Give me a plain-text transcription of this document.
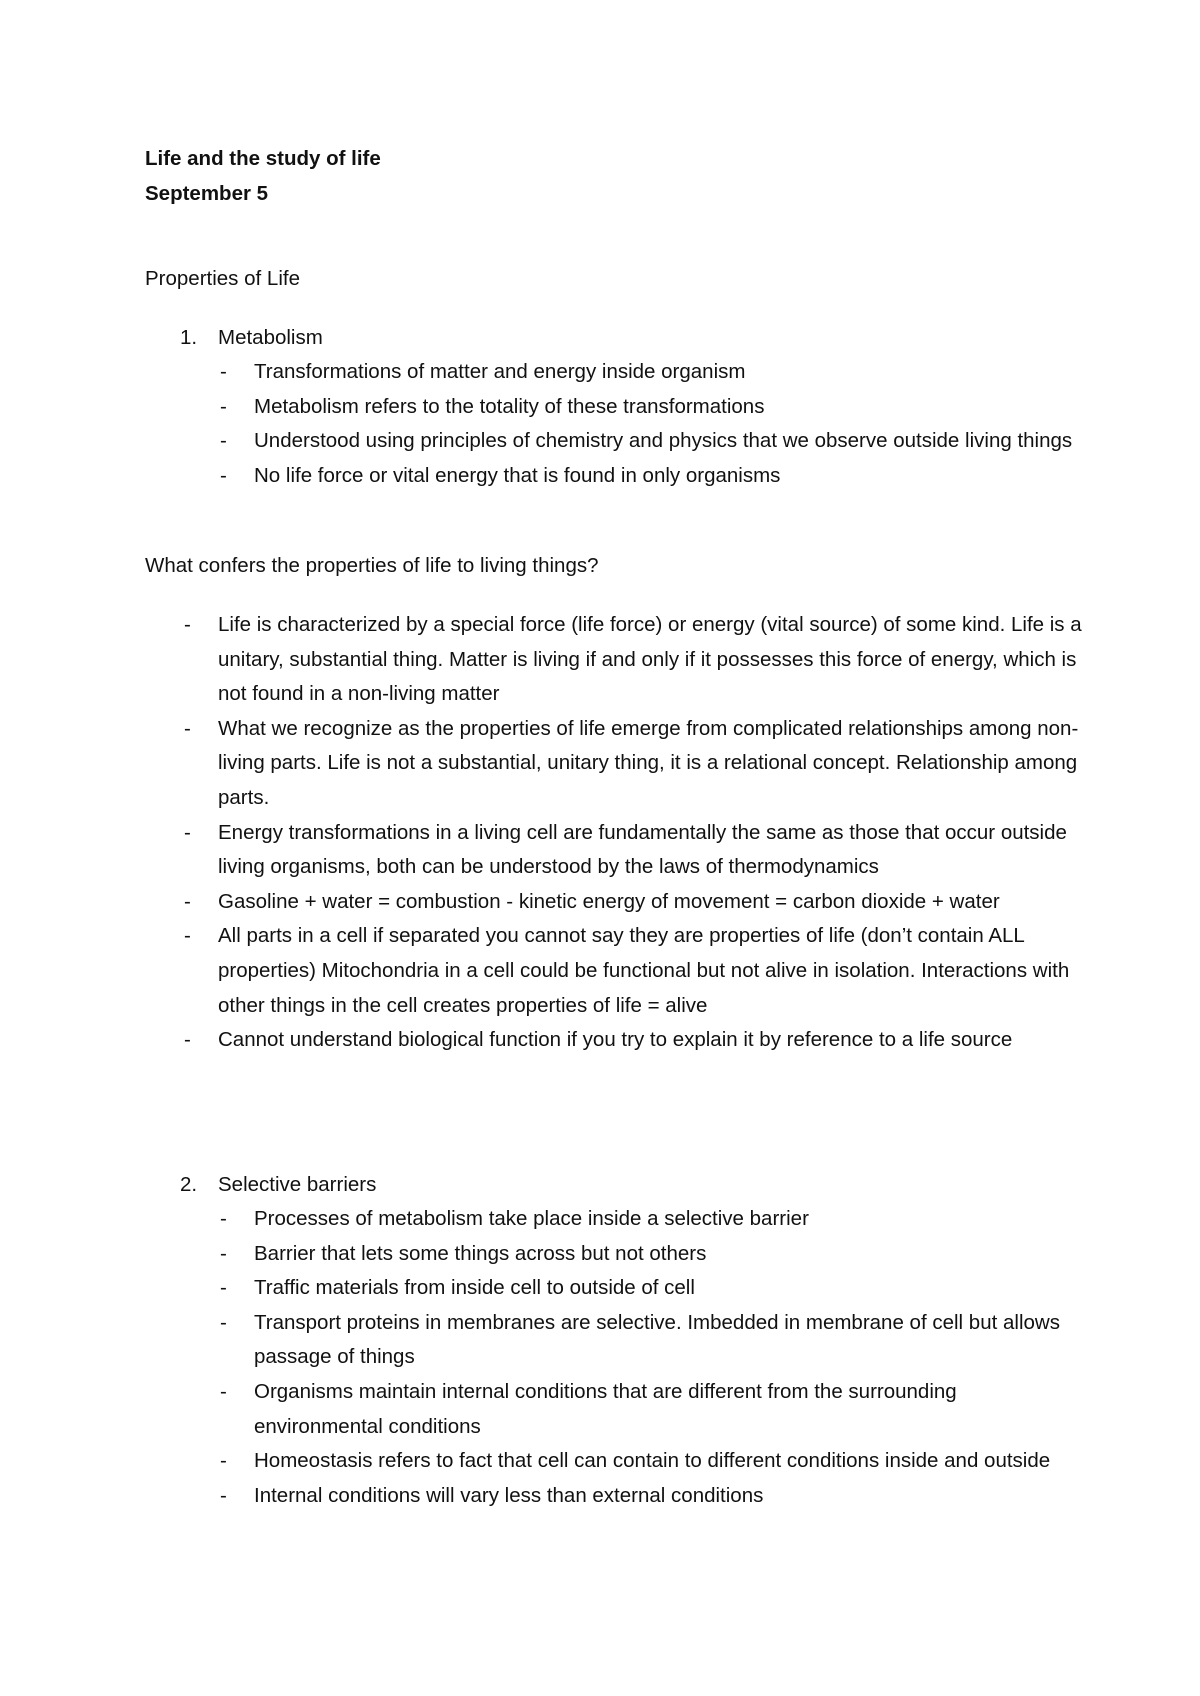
Life and the study of life
September 5
Properties of Life
1.	Metabolism
- Transformations of matter and energy inside organism
- Metabolism refers to the totality of these transformations
- Understood using principles of chemistry and physics that we observe outside living things
- No life force or vital energy that is found in only organisms
What confers the properties of life to living things?
- Life is characterized by a special force (life force) or energy (vital source) of some kind. Life is a unitary, substantial thing. Matter is living if and only if it possesses this force of energy, which is not found in a non-living matter
- What we recognize as the properties of life emerge from complicated relationships among non-living parts. Life is not a substantial, unitary thing, it is a relational concept. Relationship among parts.
- Energy transformations in a living cell are fundamentally the same as those that occur outside living organisms, both can be understood by the laws of thermodynamics
- Gasoline + water = combustion - kinetic energy of movement = carbon dioxide + water
- All parts in a cell if separated you cannot say they are properties of life (don’t contain ALL properties) Mitochondria in a cell could be functional but not alive in isolation. Interactions with other things in the cell creates properties of life = alive
- Cannot understand biological function if you try to explain it by reference to a life source
2.	Selective barriers
- Processes of metabolism take place inside a selective barrier
- Barrier that lets some things across but not others
- Traffic materials from inside cell to outside of cell
- Transport proteins in membranes are selective. Imbedded in membrane of cell but allows passage of things
- Organisms maintain internal conditions that are different from the surrounding environmental conditions
- Homeostasis refers to fact that cell can contain to different conditions inside and outside
- Internal conditions will vary less than external conditions
